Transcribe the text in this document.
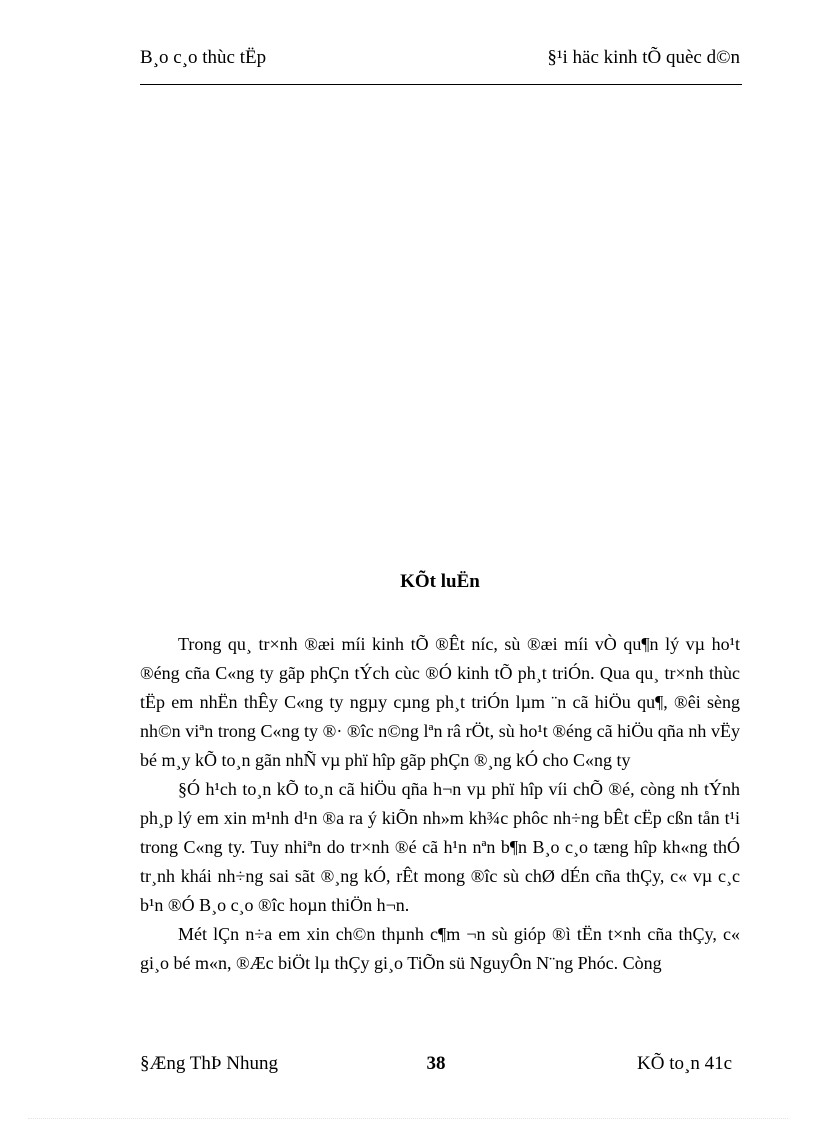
B¸o c¸o thùc tËp	§¹i häc kinh tÕ quèc d©n
KÕt luËn

Trong qu¸ tr×nh ®æi míi kinh tÕ ®Êt níc, sù ®æi míi vÒ qu¶n lý vµ ho¹t ®éng cña C«ng ty gãp phÇn tÝch cùc ®Ó kinh tÕ ph¸t triÓn. Qua qu¸ tr×nh thùc tËp em nhËn thÊy C«ng ty ngµy cµng ph¸t triÓn lµm ¨n cã hiÖu qu¶, ®êi sèng nh©n viªn trong C«ng ty ®· ®îc n©ng lªn râ rÖt, sù ho¹t ®éng cã hiÖu qña nh vËy bé m¸y kÕ to¸n gãn nhÑ vµ phï hîp gãp phÇn ®¸ng kÓ cho C«ng ty

§Ó h¹ch to¸n kÕ to¸n cã hiÖu qña h¬n vµ phï hîp víi chÕ ®é, còng nh tÝnh ph¸p lý em xin m¹nh d¹n ®a ra ý kiÕn nh»m kh¾c phôc nh÷ng bÊt cËp cßn tån t¹i trong C«ng ty. Tuy nhiªn do tr×nh ®é cã h¹n nªn b¶n B¸o c¸o tæng hîp kh«ng thÓ tr¸nh khái nh÷ng sai sãt ®¸ng kÓ, rÊt mong ®îc sù chØ dÉn cña thÇy, c« vµ c¸c b¹n ®Ó B¸o c¸o ®îc hoµn thiÖn h¬n.

Mét lÇn n÷a em xin ch©n thµnh c¶m ¬n sù gióp ®ì tËn t×nh cña thÇy, c« gi¸o bé m«n, ®Æc biÖt lµ thÇy gi¸o TiÕn sü NguyÔn N¨ng Phóc. Còng

§Æng ThÞ Nhung	38	KÕ to¸n 41c
